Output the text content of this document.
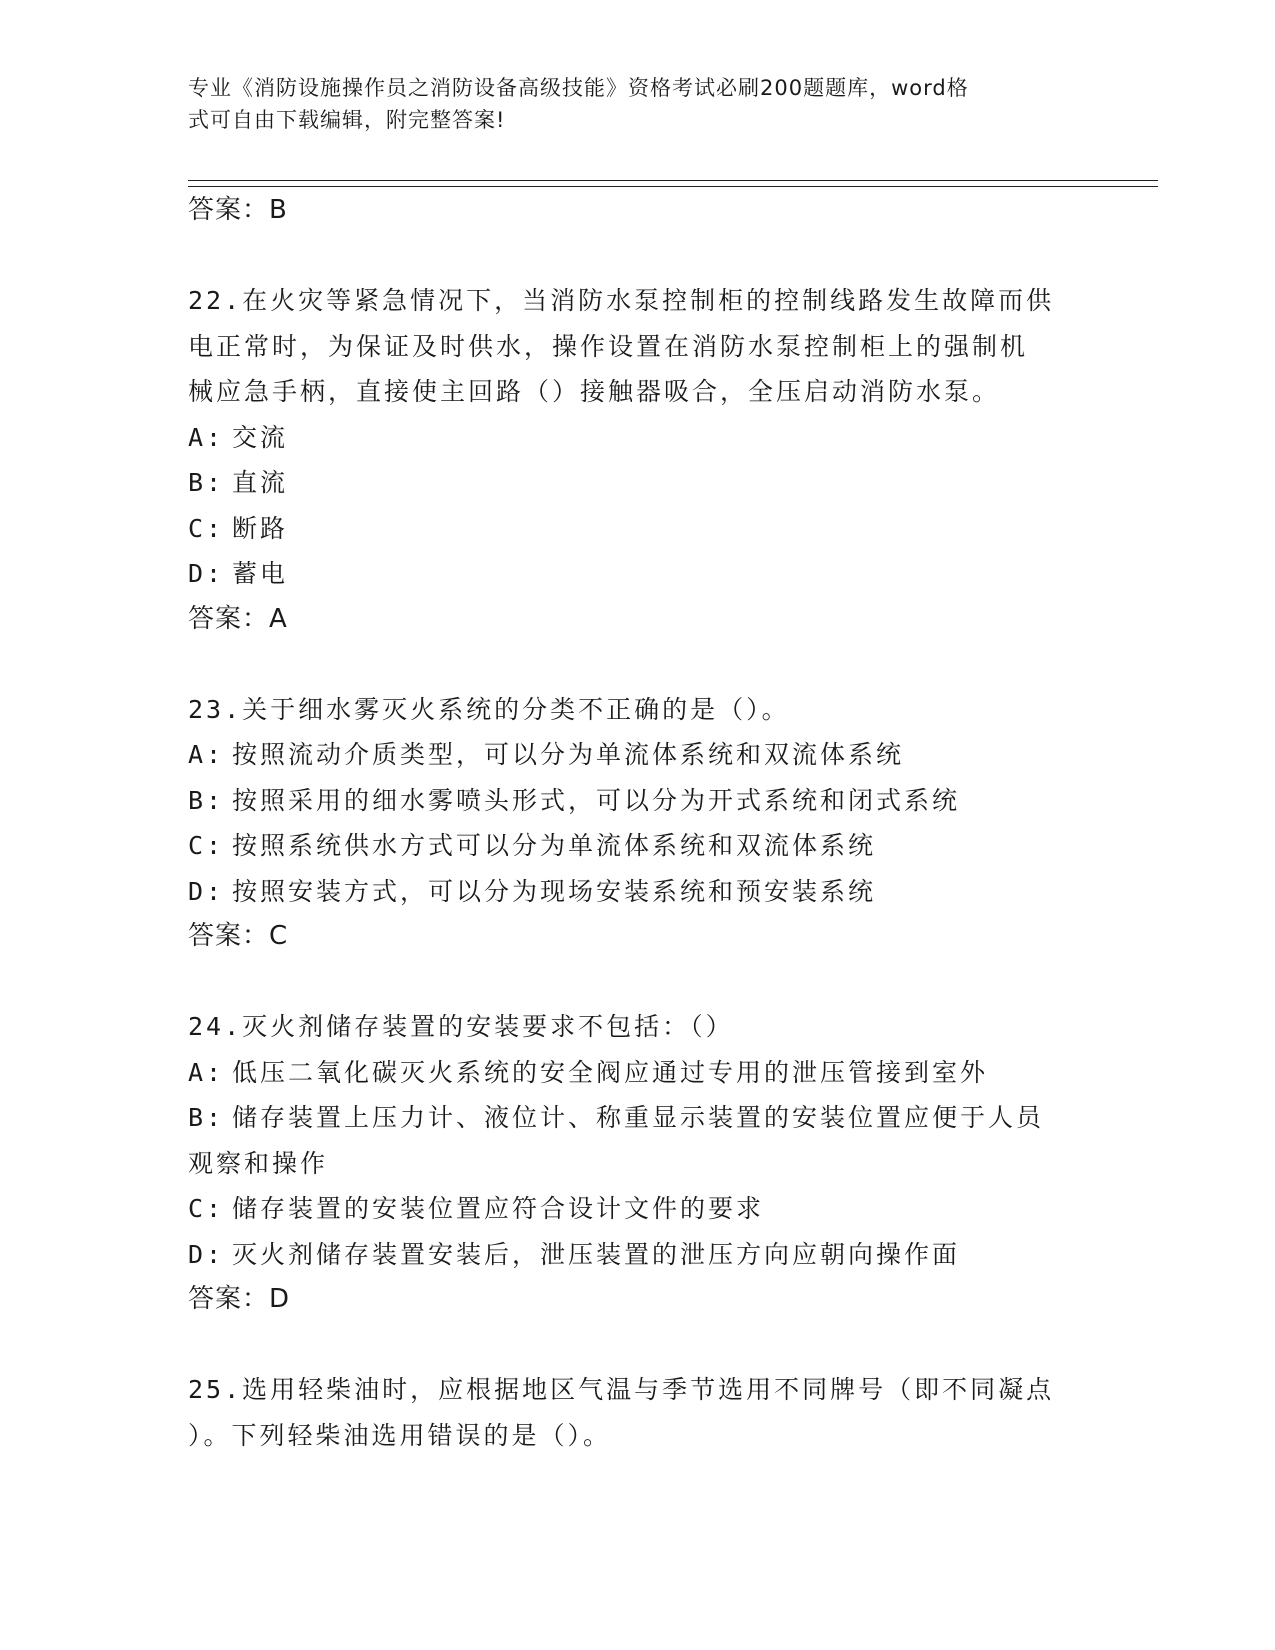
专业《消防设施操作员之消防设备高级技能》资格考试必刷200题题库，word格
式可自由下载编辑，附完整答案!
答案：B
22.在火灾等紧急情况下，当消防水泵控制柜的控制线路发生故障而供
电正常时，为保证及时供水，操作设置在消防水泵控制柜上的强制机
械应急手柄，直接使主回路（）接触器吸合，全压启动消防水泵。
A: 交流
B: 直流
C: 断路
D: 蓄电
答案：A
23.关于细水雾灭火系统的分类不正确的是（）。
A: 按照流动介质类型，可以分为单流体系统和双流体系统
B: 按照采用的细水雾喷头形式，可以分为开式系统和闭式系统
C: 按照系统供水方式可以分为单流体系统和双流体系统
D: 按照安装方式，可以分为现场安装系统和预安装系统
答案：C
24.灭火剂储存装置的安装要求不包括：（）
A: 低压二氧化碳灭火系统的安全阀应通过专用的泄压管接到室外
B: 储存装置上压力计、液位计、称重显示装置的安装位置应便于人员
观察和操作
C: 储存装置的安装位置应符合设计文件的要求
D: 灭火剂储存装置安装后，泄压装置的泄压方向应朝向操作面
答案：D
25.选用轻柴油时，应根据地区气温与季节选用不同牌号（即不同凝点
）。下列轻柴油选用错误的是（）。
